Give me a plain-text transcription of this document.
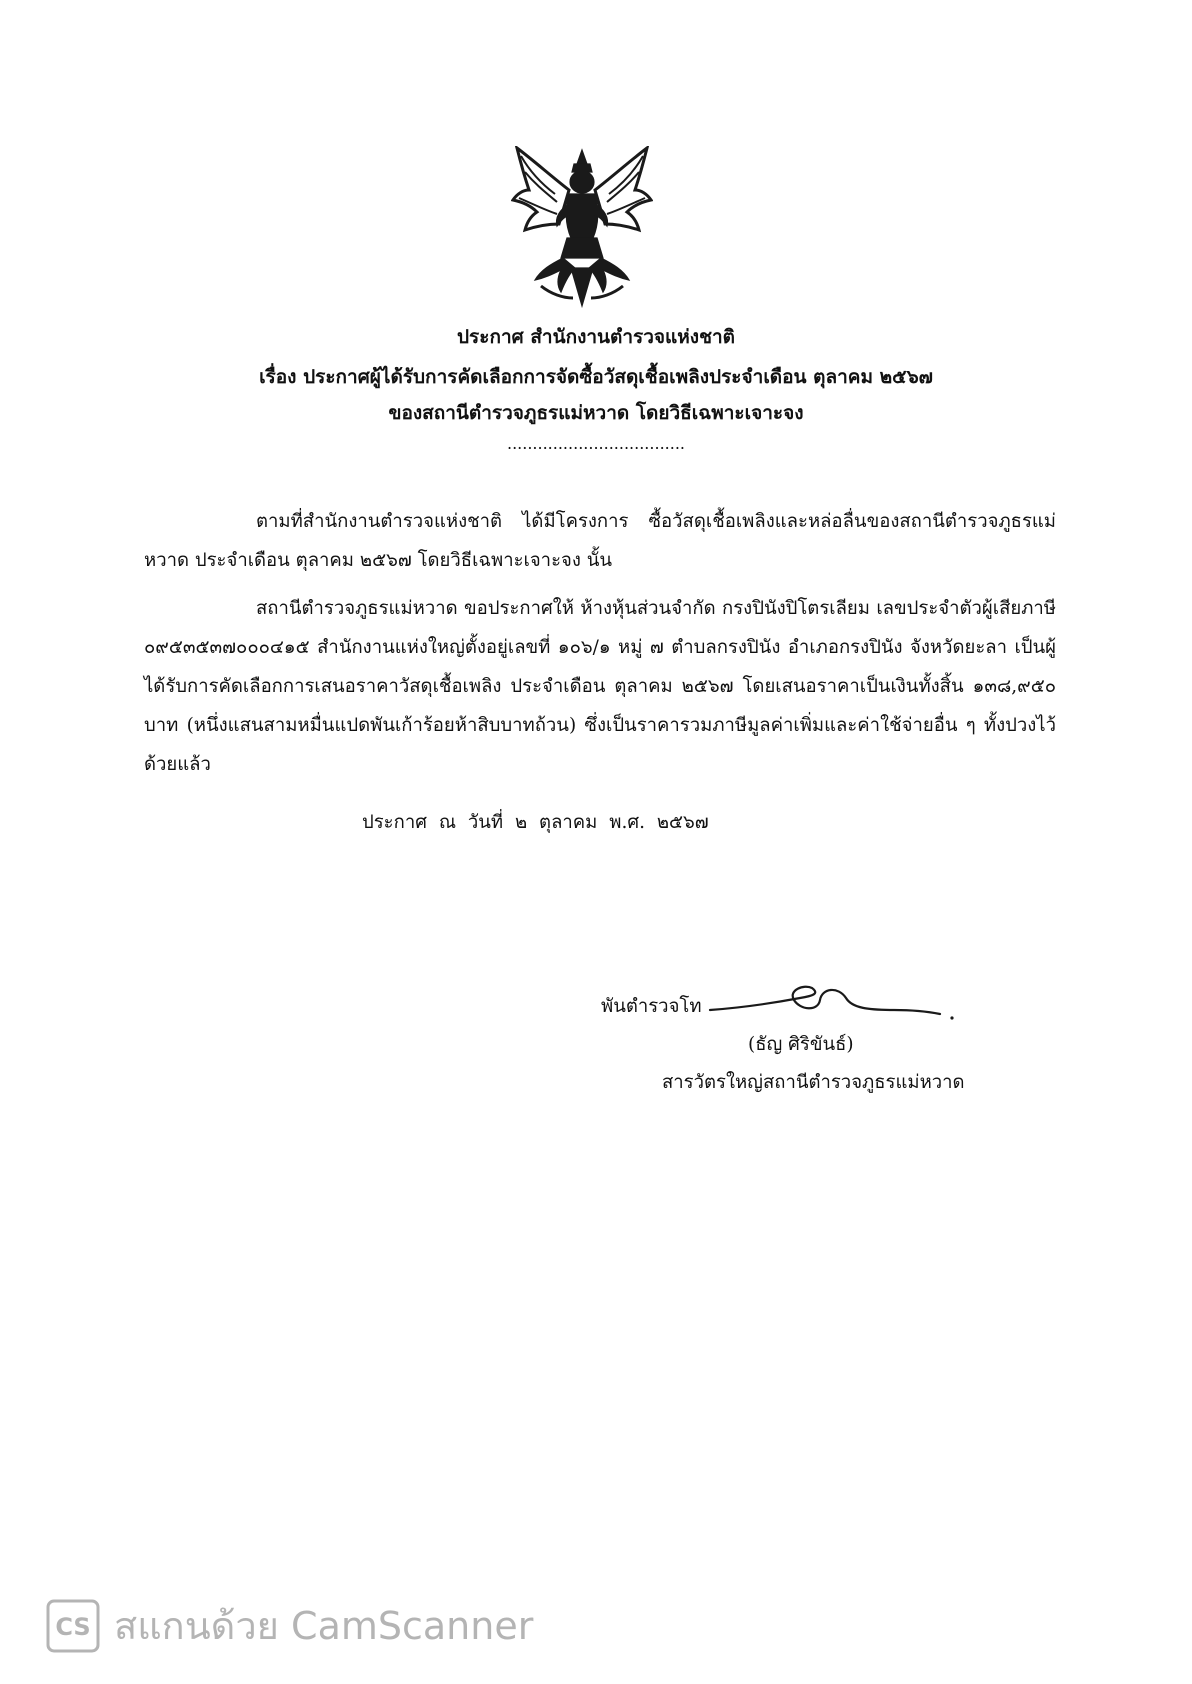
ประกาศ สำนักงานตำรวจแห่งชาติ
เรื่อง ประกาศผู้ได้รับการคัดเลือกการจัดซื้อวัสดุเชื้อเพลิงประจำเดือน ตุลาคม ๒๕๖๗
ของสถานีตำรวจภูธรแม่หวาด โดยวิธีเฉพาะเจาะจง
...................................
ตามที่สำนักงานตำรวจแห่งชาติ ได้มีโครงการ ซื้อวัสดุเชื้อเพลิงและหล่อลื่นของสถานีตำรวจภูธรแม่หวาด ประจำเดือน ตุลาคม ๒๕๖๗ โดยวิธีเฉพาะเจาะจง นั้น
สถานีตำรวจภูธรแม่หวาด ขอประกาศให้ ห้างหุ้นส่วนจำกัด กรงปินังปิโตรเลียม เลขประจำตัวผู้เสียภาษี ๐๙๕๓๕๓๗๐๐๐๔๑๕ สำนักงานแห่งใหญ่ตั้งอยู่เลขที่ ๑๐๖/๑ หมู่ ๗ ตำบลกรงปินัง อำเภอกรงปินัง จังหวัดยะลา เป็นผู้ได้รับการคัดเลือกการเสนอราคาวัสดุเชื้อเพลิง ประจำเดือน ตุลาคม ๒๕๖๗ โดยเสนอราคาเป็นเงินทั้งสิ้น ๑๓๘,๙๕๐ บาท (หนึ่งแสนสามหมื่นแปดพันเก้าร้อยห้าสิบบาทถ้วน) ซึ่งเป็นราคารวมภาษีมูลค่าเพิ่มและค่าใช้จ่ายอื่น ๆ ทั้งปวงไว้ด้วยแล้ว
ประกาศ ณ วันที่ ๒ ตุลาคม พ.ศ. ๒๕๖๗
พันตำรวจโท
(ธัญ ศิริขันธ์)
สารวัตรใหญ่สถานีตำรวจภูธรแม่หวาด
CS สแกนด้วย CamScanner
